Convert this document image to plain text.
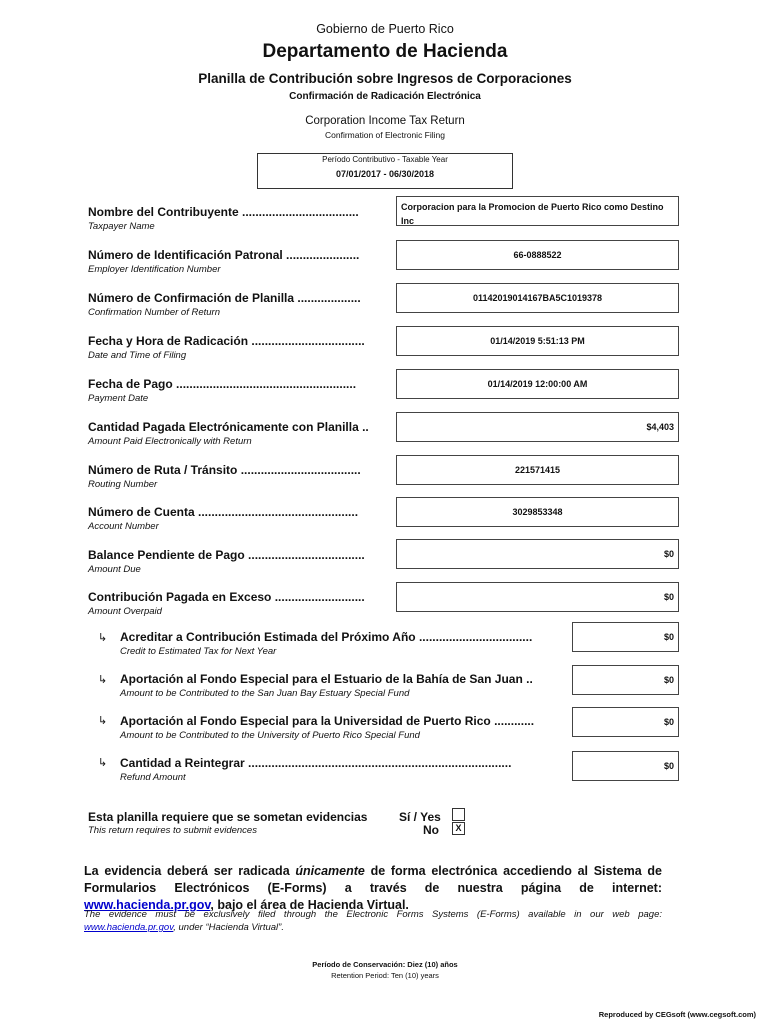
Gobierno de Puerto Rico
Departamento de Hacienda
Planilla de Contribución sobre Ingresos de Corporaciones
Confirmación de Radicación Electrónica
Corporation Income Tax Return
Confirmation of Electronic Filing
Período Contributivo - Taxable Year
07/01/2017 - 06/30/2018
Nombre del Contribuyente ...................................
Taxpayer Name
Corporacion para la Promocion de Puerto Rico como Destino Inc
Número de Identificación Patronal ......................
Employer Identification Number
66-0888522
Número de Confirmación de Planilla ...................
Confirmation Number of Return
01142019014167BA5C1019378
Fecha y Hora de Radicación ..................................
Date and Time of Filing
01/14/2019 5:51:13 PM
Fecha de Pago ......................................................
Payment Date
01/14/2019 12:00:00 AM
Cantidad Pagada Electrónicamente con Planilla ..
Amount Paid Electronically with Return
$4,403
Número de Ruta / Tránsito ....................................
Routing Number
221571415
Número de Cuenta ................................................
Account Number
3029853348
Balance Pendiente de Pago ...................................
Amount Due
$0
Contribución Pagada en Exceso ...........................
Amount Overpaid
$0
↳ Acreditar a Contribución Estimada del Próximo Año ..................................
Credit to Estimated Tax for Next Year
$0
↳ Aportación al Fondo Especial para el Estuario de la Bahía de San Juan ..
Amount to be Contributed to the San Juan Bay Estuary Special Fund
$0
↳ Aportación al Fondo Especial para la Universidad de Puerto Rico ............
Amount to be Contributed to the University of Puerto Rico Special Fund
$0
↳ Cantidad a Reintegrar ...............................................................................
Refund Amount
$0
Esta planilla requiere que se sometan evidencias
This return requires to submit evidences
Sí / Yes
No	X
La evidencia deberá ser radicada únicamente de forma electrónica accediendo al Sistema de Formularios Electrónicos (E-Forms) a través de nuestra página de internet: www.hacienda.pr.gov, bajo el área de Hacienda Virtual.
The evidence must be exclusively filed through the Electronic Forms Systems (E-Forms) available in our web page: www.hacienda.pr.gov, under “Hacienda Virtual”.
Período de Conservación: Diez (10) años
Retention Period: Ten (10) years
Reproduced by CEGsoft (www.cegsoft.com)
